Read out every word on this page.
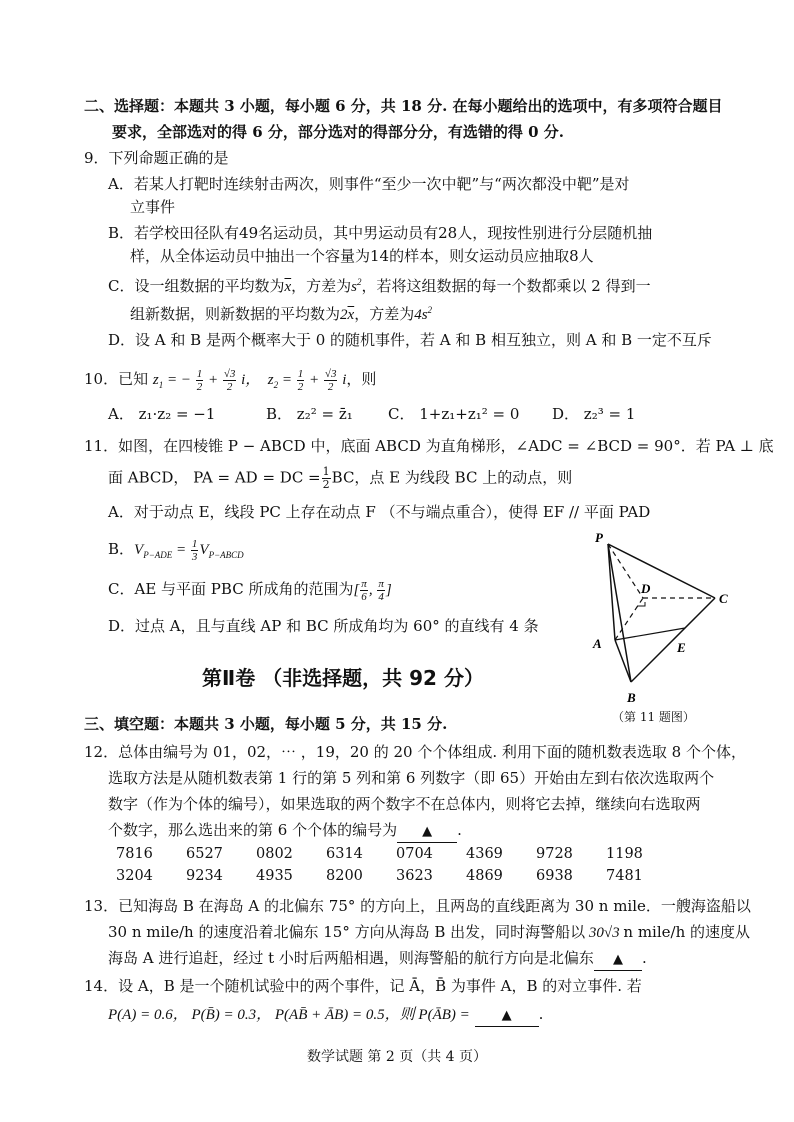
二、选择题：本题共 3 小题，每小题 6 分，共 18 分. 在每小题给出的选项中，有多项符合题目
要求，全部选对的得 6 分，部分选对的得部分分，有选错的得 0 分.
9．下列命题正确的是
A．若某人打靶时连续射击两次，则事件“至少一次中靶”与“两次都没中靶”是对
立事件
B．若学校田径队有49名运动员，其中男运动员有28人，现按性别进行分层随机抽
样，从全体运动员中抽出一个容量为14的样本，则女运动员应抽取8人
C．设一组数据的平均数为$\overline{x}$，方差为$s^2$，若将这组数据的每一个数都乘以 2 得到一
组新数据，则新数据的平均数为$2\overline{x}$，方差为$4s^2$
D．设 A 和 B 是两个概率大于 0 的随机事件，若 A 和 B 相互独立，则 A 和 B 一定不互斥
10．已知 $z_1$ = − $\frac{1}{2} + \frac{√3}{2}$ i，  $z_2 = \frac{1}{2} + \frac{√3}{2}$ i，则
A． z₁·z₂ = −1	B． z₂² = z̄₁ C． 1+z₁+z₁² = 0 D． z₂³ = 1
11．如图，在四棱锥 P − ABCD 中，底面 ABCD 为直角梯形，∠ADC = ∠BCD = 90°．若 PA ⊥ 底
面 ABCD， PA = AD = DC = $\frac{1}{2}$ BC，点 E 为线段 BC 上的动点，则
A．对于动点 E，线段 PC 上存在动点 F （不与端点重合），使得 EF // 平面 PAD
B．$V_{P-ADE} = \frac{1}{3} V_{P-ABCD}$
C．AE 与平面 PBC 所成角的范围为[ $\frac{\pi}{6}$ , $\frac{\pi}{4}$ ]
D．过点 A，且与直线 AP 和 BC 所成角均为 60° 的直线有 4 条
P
D
C
A	E
B
（第 11 题图）
第Ⅱ卷 （非选择题，共 92 分）
三、填空题：本题共 3 小题，每小题 5 分，共 15 分.
12．总体由编号为 01，02，⋯ ，19，20 的 20 个个体组成. 利用下面的随机数表选取 8 个个体，
选取方法是从随机数表第 1 行的第 5 列和第 6 列数字（即 65）开始由左到右依次选取两个
数字（作为个体的编号），如果选取的两个数字不在总体内，则将它去掉，继续向右选取两
个数字，那么选出来的第 6 个个体的编号为 ▲ .
7816	6527	0802	6314	0704	4369	9728	1198
3204	9234	4935	8200	3623	4869	6938	7481
13．已知海岛 B 在海岛 A 的北偏东 75° 的方向上，且两岛的直线距离为 30 n mile．一艘海盗船以
30 n mile/h 的速度沿着北偏东 15° 方向从海岛 B 出发，同时海警船以 30√3 n mile/h 的速度从
海岛 A 进行追赶，经过 t 小时后两船相遇，则海警船的航行方向是北偏东 ▲ .
14．设 A，B 是一个随机试验中的两个事件，记 Ā，B̄ 为事件 A，B 的对立事件. 若
P(A) = 0.6， P(B̄) = 0.3， P(AB̄ + ĀB) = 0.5，则 P(ĀB) = ▲ .
数学试题 第 2 页（共 4 页）
